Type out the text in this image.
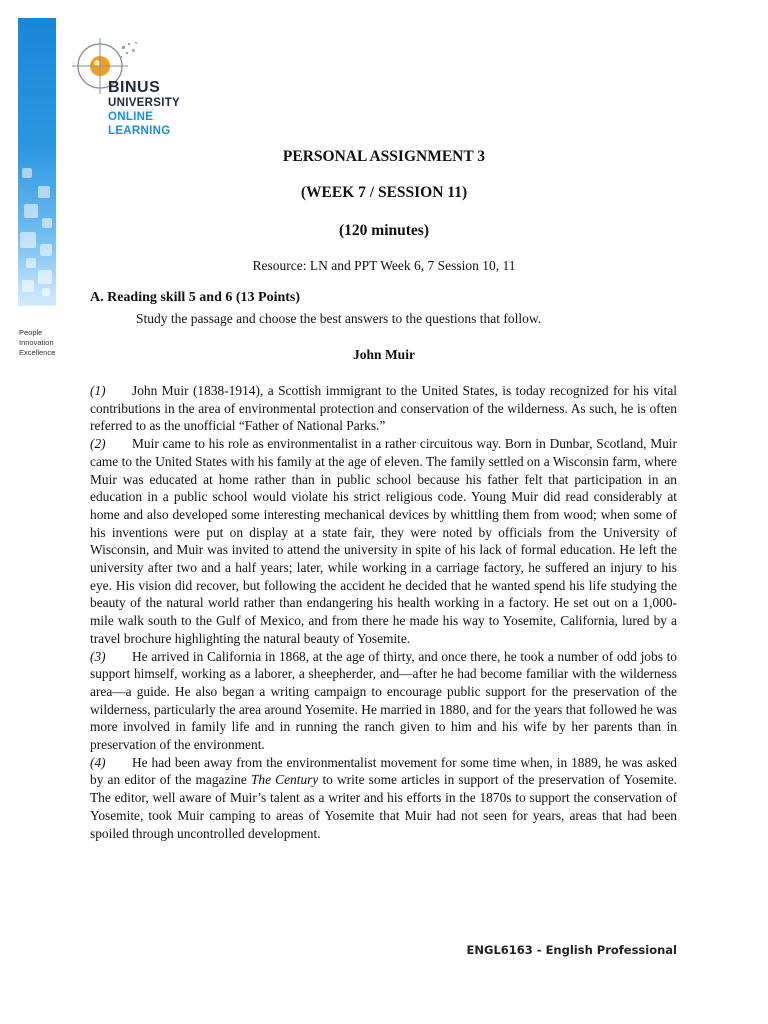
BINUS
UNIVERSITY
ONLINE
LEARNING
People
Innovation
Excellence
PERSONAL ASSIGNMENT 3
(WEEK 7 / SESSION 11)
(120 minutes)
Resource: LN and PPT Week 6, 7 Session 10, 11
A. Reading skill 5 and 6 (13 Points)
Study the passage and choose the best answers to the questions that follow.
John Muir

(1) John Muir (1838-1914), a Scottish immigrant to the United States, is today recognized for his vital contributions in the area of environmental protection and conservation of the wilderness. As such, he is often referred to as the unofficial “Father of National Parks.”

(2) Muir came to his role as environmentalist in a rather circuitous way. Born in Dunbar, Scotland, Muir came to the United States with his family at the age of eleven. The family settled on a Wisconsin farm, where Muir was educated at home rather than in public school because his father felt that participation in an education in a public school would violate his strict religious code. Young Muir did read considerably at home and also developed some interesting mechanical devices by whittling them from wood; when some of his inventions were put on display at a state fair, they were noted by officials from the University of Wisconsin, and Muir was invited to attend the university in spite of his lack of formal education. He left the university after two and a half years; later, while working in a carriage factory, he suffered an injury to his eye. His vision did recover, but following the accident he decided that he wanted spend his life studying the beauty of the natural world rather than endangering his health working in a factory. He set out on a 1,000-mile walk south to the Gulf of Mexico, and from there he made his way to Yosemite, California, lured by a travel brochure highlighting the natural beauty of Yosemite.

(3) He arrived in California in 1868, at the age of thirty, and once there, he took a number of odd jobs to support himself, working as a laborer, a sheepherder, and—after he had become familiar with the wilderness area—a guide. He also began a writing campaign to encourage public support for the preservation of the wilderness, particularly the area around Yosemite. He married in 1880, and for the years that followed he was more involved in family life and in running the ranch given to him and his wife by her parents than in preservation of the environment.

(4) He had been away from the environmentalist movement for some time when, in 1889, he was asked by an editor of the magazine The Century to write some articles in support of the preservation of Yosemite. The editor, well aware of Muir’s talent as a writer and his efforts in the 1870s to support the conservation of Yosemite, took Muir camping to areas of Yosemite that Muir had not seen for years, areas that had been spoiled through uncontrolled development.

ENGL6163 - English Professional
